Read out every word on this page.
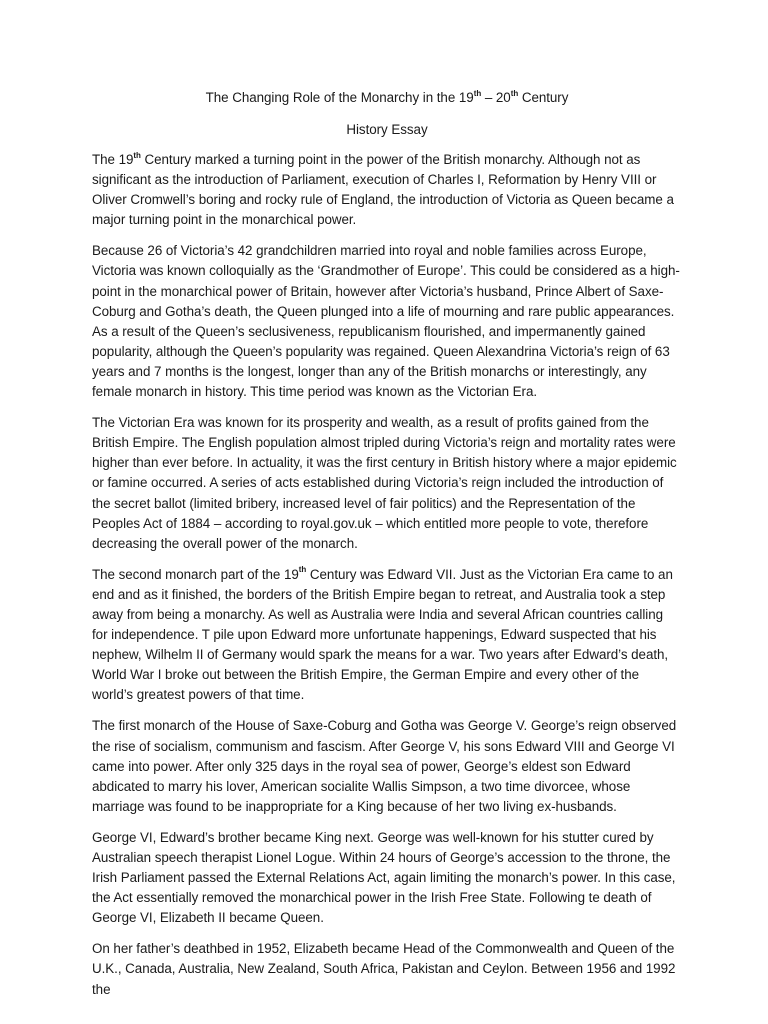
The Changing Role of the Monarchy in the 19th – 20th Century
History Essay

The 19th Century marked a turning point in the power of the British monarchy. Although not as significant as the introduction of Parliament, execution of Charles I, Reformation by Henry VIII or Oliver Cromwell’s boring and rocky rule of England, the introduction of Victoria as Queen became a major turning point in the monarchical power.

Because 26 of Victoria’s 42 grandchildren married into royal and noble families across Europe, Victoria was known colloquially as the ‘Grandmother of Europe’. This could be considered as a high-point in the monarchical power of Britain, however after Victoria’s husband, Prince Albert of Saxe-Coburg and Gotha’s death, the Queen plunged into a life of mourning and rare public appearances. As a result of the Queen’s seclusiveness, republicanism flourished, and impermanently gained popularity, although the Queen’s popularity was regained. Queen Alexandrina Victoria’s reign of 63 years and 7 months is the longest, longer than any of the British monarchs or interestingly, any female monarch in history. This time period was known as the Victorian Era.

The Victorian Era was known for its prosperity and wealth, as a result of profits gained from the British Empire. The English population almost tripled during Victoria’s reign and mortality rates were higher than ever before. In actuality, it was the first century in British history where a major epidemic or famine occurred. A series of acts established during Victoria’s reign included the introduction of the secret ballot (limited bribery, increased level of fair politics) and the Representation of the Peoples Act of 1884 – according to royal.gov.uk – which entitled more people to vote, therefore decreasing the overall power of the monarch.

The second monarch part of the 19th Century was Edward VII. Just as the Victorian Era came to an end and as it finished, the borders of the British Empire began to retreat, and Australia took a step away from being a monarchy. As well as Australia were India and several African countries calling for independence. T pile upon Edward more unfortunate happenings, Edward suspected that his nephew, Wilhelm II of Germany would spark the means for a war. Two years after Edward’s death, World War I broke out between the British Empire, the German Empire and every other of the world’s greatest powers of that time.

The first monarch of the House of Saxe-Coburg and Gotha was George V. George’s reign observed the rise of socialism, communism and fascism. After George V, his sons Edward VIII and George VI came into power. After only 325 days in the royal sea of power, George’s eldest son Edward abdicated to marry his lover, American socialite Wallis Simpson, a two time divorcee, whose marriage was found to be inappropriate for a King because of her two living ex-husbands.

George VI, Edward’s brother became King next. George was well-known for his stutter cured by Australian speech therapist Lionel Logue. Within 24 hours of George’s accession to the throne, the Irish Parliament passed the External Relations Act, again limiting the monarch’s power. In this case, the Act essentially removed the monarchical power in the Irish Free State. Following te death of George VI, Elizabeth II became Queen.

On her father’s deathbed in 1952, Elizabeth became Head of the Commonwealth and Queen of the U.K., Canada, Australia, New Zealand, South Africa, Pakistan and Ceylon. Between 1956 and 1992 the
